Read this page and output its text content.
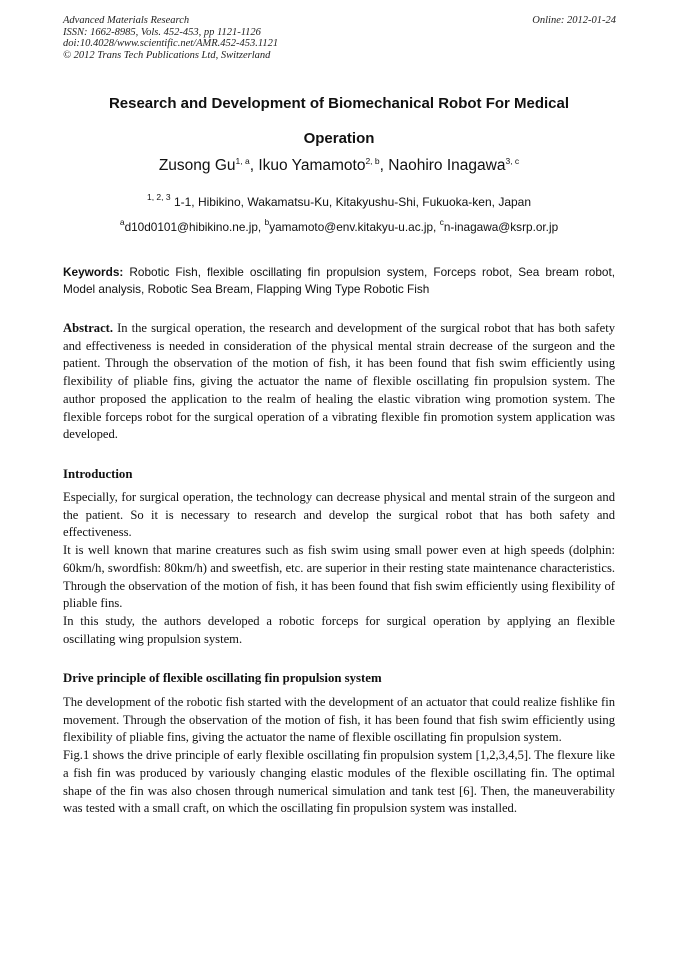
Advanced Materials Research
ISSN: 1662-8985, Vols. 452-453, pp 1121-1126
doi:10.4028/www.scientific.net/AMR.452-453.1121
© 2012 Trans Tech Publications Ltd, Switzerland
Online: 2012-01-24
Research and Development of Biomechanical Robot For Medical
Operation
Zusong Gu$^{1, a}$, Ikuo Yamamoto$^{2, b}$, Naohiro Inagawa$^{3, c}$
$^{1, 2, 3}$ 1-1, Hibikino, Wakamatsu-Ku, Kitakyushu-Shi, Fukuoka-ken, Japan
$^a$d10d0101@hibikino.ne.jp, $^b$yamamoto@env.kitakyu-u.ac.jp, $^c$n-inagawa@ksrp.or.jp
Keywords: Robotic Fish, flexible oscillating fin propulsion system, Forceps robot, Sea bream robot, Model analysis, Robotic Sea Bream, Flapping Wing Type Robotic Fish
Abstract. In the surgical operation, the research and development of the surgical robot that has both safety and effectiveness is needed in consideration of the physical mental strain decrease of the surgeon and the patient. Through the observation of the motion of fish, it has been found that fish swim efficiently using flexibility of pliable fins, giving the actuator the name of flexible oscillating fin propulsion system. The author proposed the application to the realm of healing the elastic vibration wing promotion system. The flexible forceps robot for the surgical operation of a vibrating flexible fin promotion system application was developed.
Introduction

Especially, for surgical operation, the technology can decrease physical and mental strain of the surgeon and the patient. So it is necessary to research and develop the surgical robot that has both safety and effectiveness.

It is well known that marine creatures such as fish swim using small power even at high speeds (dolphin: 60km/h, swordfish: 80km/h) and sweetfish, etc. are superior in their resting state maintenance characteristics. Through the observation of the motion of fish, it has been found that fish swim efficiently using flexibility of pliable fins.

In this study, the authors developed a robotic forceps for surgical operation by applying an flexible oscillating wing propulsion system.

Drive principle of flexible oscillating fin propulsion system

The development of the robotic fish started with the development of an actuator that could realize fishlike fin movement. Through the observation of the motion of fish, it has been found that fish swim efficiently using flexibility of pliable fins, giving the actuator the name of flexible oscillating fin propulsion system.

Fig.1 shows the drive principle of early flexible oscillating fin propulsion system [1,2,3,4,5]. The flexure like a fish fin was produced by variously changing elastic modules of the flexible oscillating fin. The optimal shape of the fin was also chosen through numerical simulation and tank test [6]. Then, the maneuverability was tested with a small craft, on which the oscillating fin propulsion system was installed.
